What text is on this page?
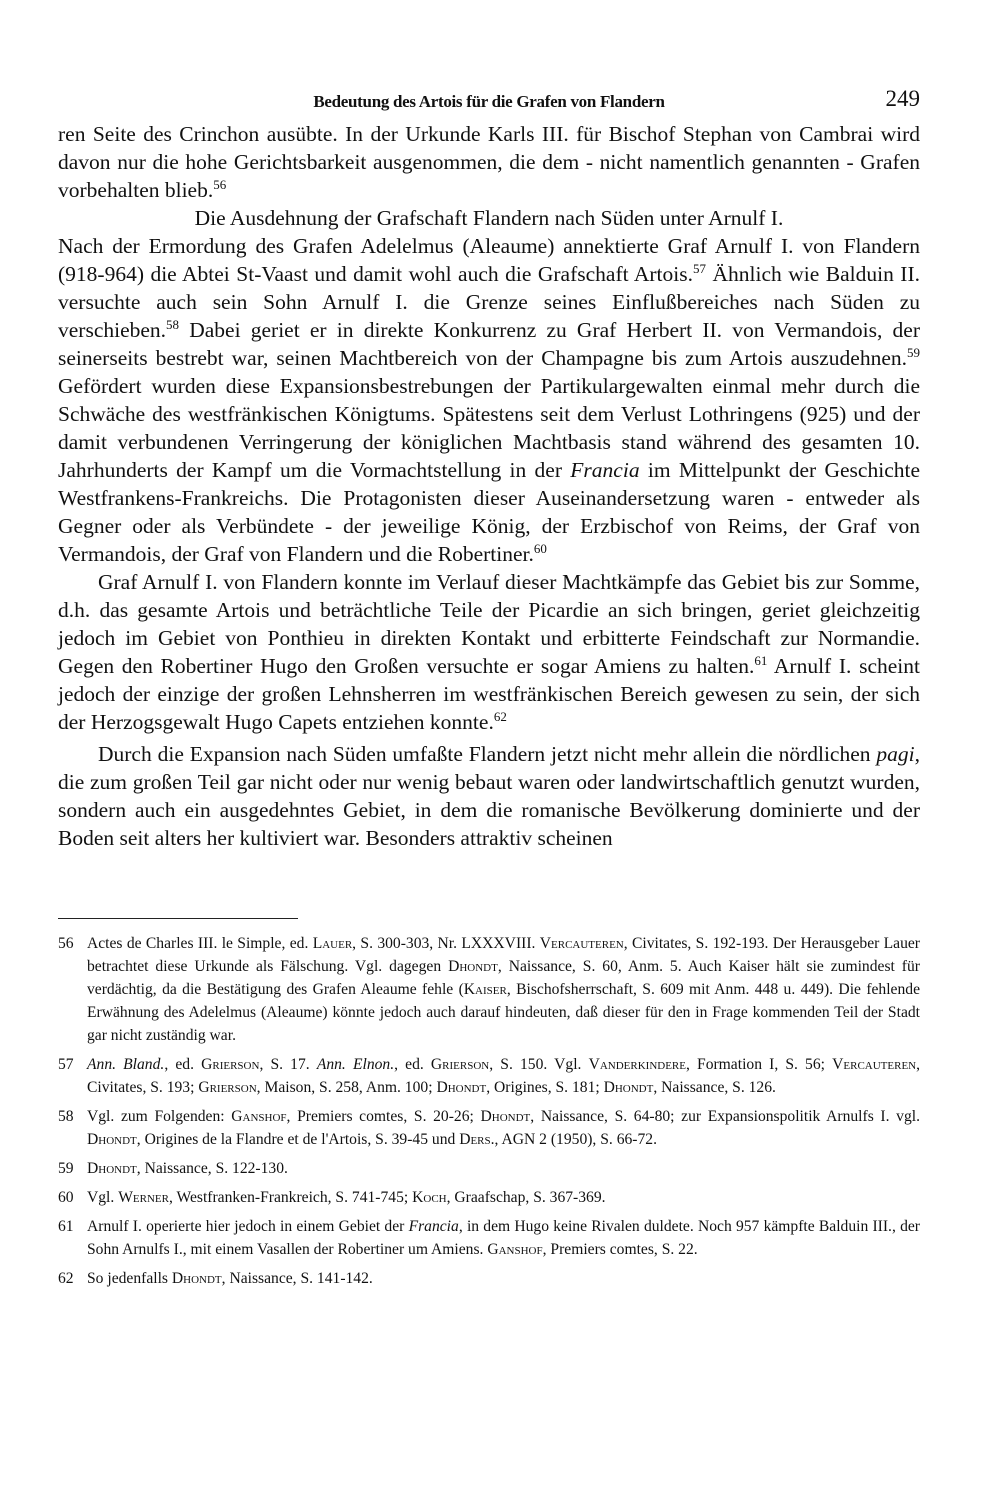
Bedeutung des Artois für die Grafen von Flandern	249

ren Seite des Crinchon ausübte. In der Urkunde Karls III. für Bischof Stephan von Cambrai wird davon nur die hohe Gerichtsbarkeit ausgenommen, die dem - nicht namentlich genannten - Grafen vorbehalten blieb.$^{56}$

Die Ausdehnung der Grafschaft Flandern nach Süden unter Arnulf I.

Nach der Ermordung des Grafen Adelelmus (Aleaume) annektierte Graf Arnulf I. von Flandern (918-964) die Abtei St-Vaast und damit wohl auch die Grafschaft Artois.$^{57}$ Ähnlich wie Balduin II. versuchte auch sein Sohn Arnulf I. die Grenze seines Einflußbereiches nach Süden zu verschieben.$^{58}$ Dabei geriet er in direkte Konkurrenz zu Graf Herbert II. von Vermandois, der seinerseits bestrebt war, seinen Machtbereich von der Champagne bis zum Artois auszudehnen.$^{59}$ Gefördert wurden diese Expansionsbestrebungen der Partikulargewalten einmal mehr durch die Schwäche des westfränkischen Königtums. Spätestens seit dem Verlust Lothringens (925) und der damit verbundenen Verringerung der königlichen Machtbasis stand während des gesamten 10. Jahrhunderts der Kampf um die Vormachtstellung in der Francia im Mittelpunkt der Geschichte Westfrankens-Frankreichs. Die Protagonisten dieser Auseinandersetzung waren - entweder als Gegner oder als Verbündete - der jeweilige König, der Erzbischof von Reims, der Graf von Vermandois, der Graf von Flandern und die Robertiner.$^{60}$

Graf Arnulf I. von Flandern konnte im Verlauf dieser Machtkämpfe das Gebiet bis zur Somme, d.h. das gesamte Artois und beträchtliche Teile der Picardie an sich bringen, geriet gleichzeitig jedoch im Gebiet von Ponthieu in direkten Kontakt und erbitterte Feindschaft zur Normandie. Gegen den Robertiner Hugo den Großen versuchte er sogar Amiens zu halten.$^{61}$ Arnulf I. scheint jedoch der einzige der großen Lehnsherren im westfränkischen Bereich gewesen zu sein, der sich der Herzogsgewalt Hugo Capets entziehen konnte.$^{62}$

Durch die Expansion nach Süden umfaßte Flandern jetzt nicht mehr allein die nördlichen pagi, die zum großen Teil gar nicht oder nur wenig bebaut waren oder landwirtschaftlich genutzt wurden, sondern auch ein ausgedehntes Gebiet, in dem die romanische Bevölkerung dominierte und der Boden seit alters her kultiviert war. Besonders attraktiv scheinen

56 Actes de Charles III. le Simple, ed. Lauer, S. 300-303, Nr. LXXXVIII. Vercauteren, Civitates, S. 192-193. Der Herausgeber Lauer betrachtet diese Urkunde als Fälschung. Vgl. dagegen Dhondt, Naissance, S. 60, Anm. 5. Auch Kaiser hält sie zumindest für verdächtig, da die Bestätigung des Grafen Aleaume fehle (Kaiser, Bischofsherrschaft, S. 609 mit Anm. 448 u. 449). Die fehlende Erwähnung des Adelelmus (Aleaume) könnte jedoch auch darauf hindeuten, daß dieser für den in Frage kommenden Teil der Stadt gar nicht zuständig war.
57 Ann. Bland., ed. Grierson, S. 17. Ann. Elnon., ed. Grierson, S. 150. Vgl. Vanderkindere, Formation I, S. 56; Vercauteren, Civitates, S. 193; Grierson, Maison, S. 258, Anm. 100; Dhondt, Origines, S. 181; Dhondt, Naissance, S. 126.
58 Vgl. zum Folgenden: Ganshof, Premiers comtes, S. 20-26; Dhondt, Naissance, S. 64-80; zur Expansionspolitik Arnulfs I. vgl. Dhondt, Origines de la Flandre et de l'Artois, S. 39-45 und Ders., AGN 2 (1950), S. 66-72.
59 Dhondt, Naissance, S. 122-130.
60 Vgl. Werner, Westfranken-Frankreich, S. 741-745; Koch, Graafschap, S. 367-369.
61 Arnulf I. operierte hier jedoch in einem Gebiet der Francia, in dem Hugo keine Rivalen duldete. Noch 957 kämpfte Balduin III., der Sohn Arnulfs I., mit einem Vasallen der Robertiner um Amiens. Ganshof, Premiers comtes, S. 22.
62 So jedenfalls Dhondt, Naissance, S. 141-142.
